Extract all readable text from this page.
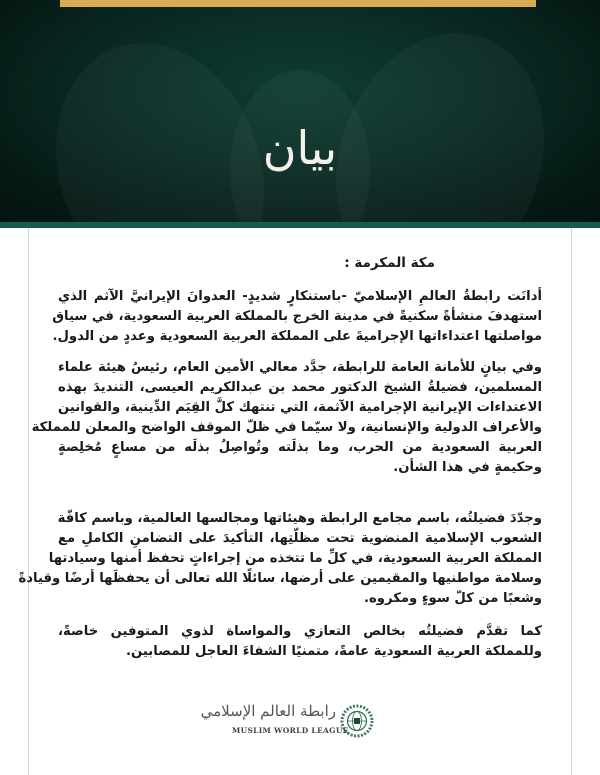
بيان
مكة المكرمة :
أدانَت رابطةُ العالمِ الإسلاميّ -باستنكارٍ شديدٍ- العدوانَ الإيرانيَّ الآثم الذي
استهدفَ منشأةً سكنيةً في مدينة الخرج بالمملكة العربية السعودية، في سياق
مواصلتها اعتداءاتها الإجراميةَ على المملكة العربية السعودية وعددٍ من الدول.
وفي بيانٍ للأمانة العامة للرابطة، جدَّد معالي الأمين العام، رئيسُ هيئة علماء
المسلمين، فضيلةُ الشيخ الدكتور محمد بن عبدالكريم العيسى، التنديدَ بهذه
الاعتداءات الإيرانية الإجرامية الآثمة، التي تنتهك كلَّ القِيَم الدِّينية، والقوانين
والأعراف الدولية والإنسانية، ولا سيّما في ظلّ الموقف الواضح والمعلن للمملكة
العربية السعودية من الحرب، وما بذلَته وتُواصِلُ بذلَه من مساعٍ مُخلِصةٍ
وحكيمةٍ في هذا الشأن.
وجدّدَ فضيلتُه، باسم مجامع الرابطة وهيئاتها ومجالسها العالمية، وباسم كافّة
الشعوب الإسلامية المنضوية تحت مظلّتِها، التأكيدَ على التضامنِ الكاملِ مع
المملكة العربية السعودية، في كلِّ ما تتخذه من إجراءاتٍ تحفظ أمنها وسيادتها
وسلامة مواطنيها والمقيمين على أرضها، سائلًا الله تعالى أن يحفظَها أرضًا وقيادةً
وشعبًا من كلّ سوءٍ ومكروه.
كما تقدَّم فضيلتُه بخالص التعازي والمواساة لذوي المتوفين خاصةً،
وللمملكة العربية السعودية عامةً، متمنيًا الشفاءَ العاجل للمصابين.
رابطة العالم الإسلامي
MUSLIM WORLD LEAGUE
